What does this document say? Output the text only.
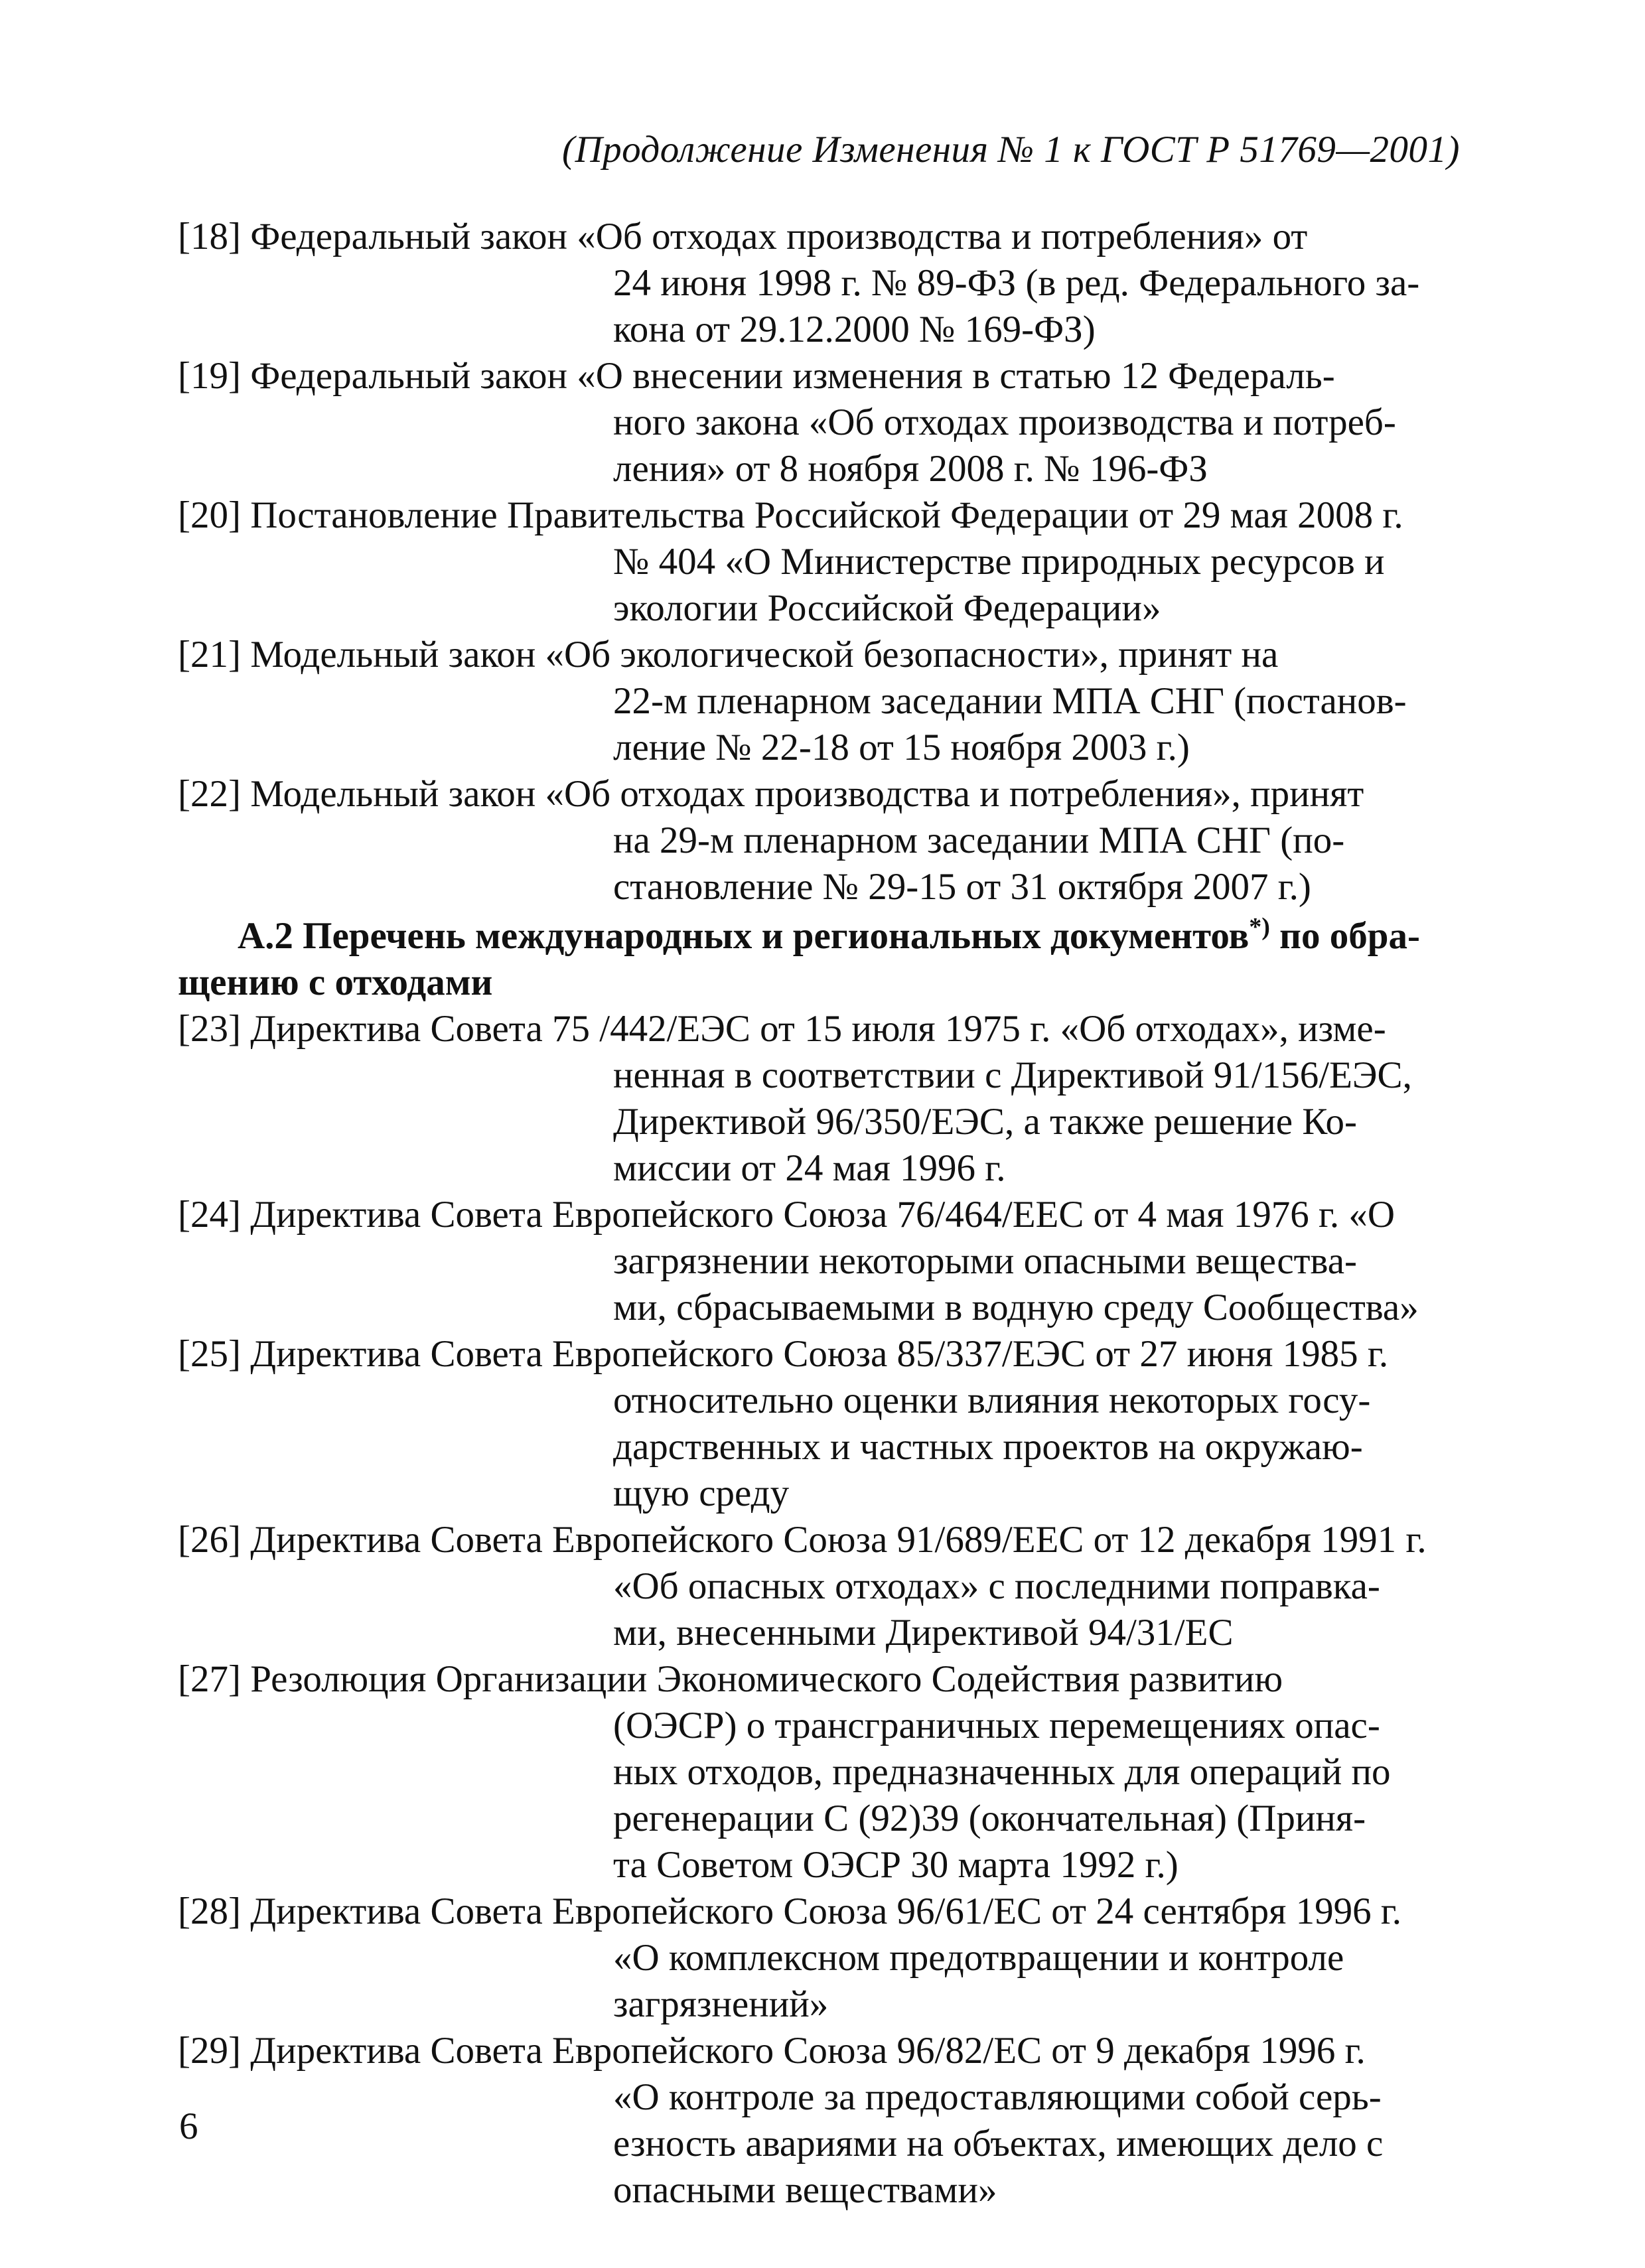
(Продолжение Изменения № 1 к ГОСТ Р 51769—2001)
[18] Федеральный закон «Об отходах производства и потребления» от
24 июня 1998 г. № 89-ФЗ (в ред. Федерального за-
кона от 29.12.2000 № 169-ФЗ)
[19] Федеральный закон «О внесении изменения в статью 12 Федераль-
ного закона «Об отходах производства и потреб-
ления» от 8 ноября 2008 г. № 196-ФЗ
[20] Постановление Правительства Российской Федерации от 29 мая 2008 г.
№ 404 «О Министерстве природных ресурсов и
экологии Российской Федерации»
[21] Модельный закон «Об экологической безопасности», принят на
22-м пленарном заседании МПА СНГ (постанов-
ление № 22-18 от 15 ноября 2003 г.)
[22] Модельный закон «Об отходах производства и потребления», принят
на 29-м пленарном заседании МПА СНГ (по-
становление № 29-15 от 31 октября 2007 г.)
А.2 Перечень международных и региональных документов*) по обра-
щению с отходами
[23] Директива Совета 75 /442/ЕЭС от 15 июля 1975 г. «Об отходах», изме-
ненная в соответствии с Директивой 91/156/ЕЭС,
Директивой 96/350/ЕЭС, а также решение Ко-
миссии от 24 мая 1996 г.
[24] Директива Совета Европейского Союза 76/464/ЕЕС от 4 мая 1976 г. «О
загрязнении некоторыми опасными вещества-
ми, сбрасываемыми в водную среду Сообщества»
[25] Директива Совета Европейского Союза 85/337/ЕЭС от 27 июня 1985 г.
относительно оценки влияния некоторых госу-
дарственных и частных проектов на окружаю-
щую среду
[26] Директива Совета Европейского Союза 91/689/ЕЕС от 12 декабря 1991 г.
«Об опасных отходах» с последними поправка-
ми, внесенными Директивой 94/31/ЕС
[27] Резолюция Организации Экономического Содействия развитию
(ОЭСР) о трансграничных перемещениях опас-
ных отходов, предназначенных для операций по
регенерации С (92)39 (окончательная) (Приня-
та Советом ОЭСР 30 марта 1992 г.)
[28] Директива Совета Европейского Союза 96/61/ЕС от 24 сентября 1996 г.
«О комплексном предотвращении и контроле
загрязнений»
[29] Директива Совета Европейского Союза 96/82/ЕС от 9 декабря 1996 г.
«О контроле за предоставляющими собой серь-
езность авариями на объектах, имеющих дело с
опасными веществами»
6
